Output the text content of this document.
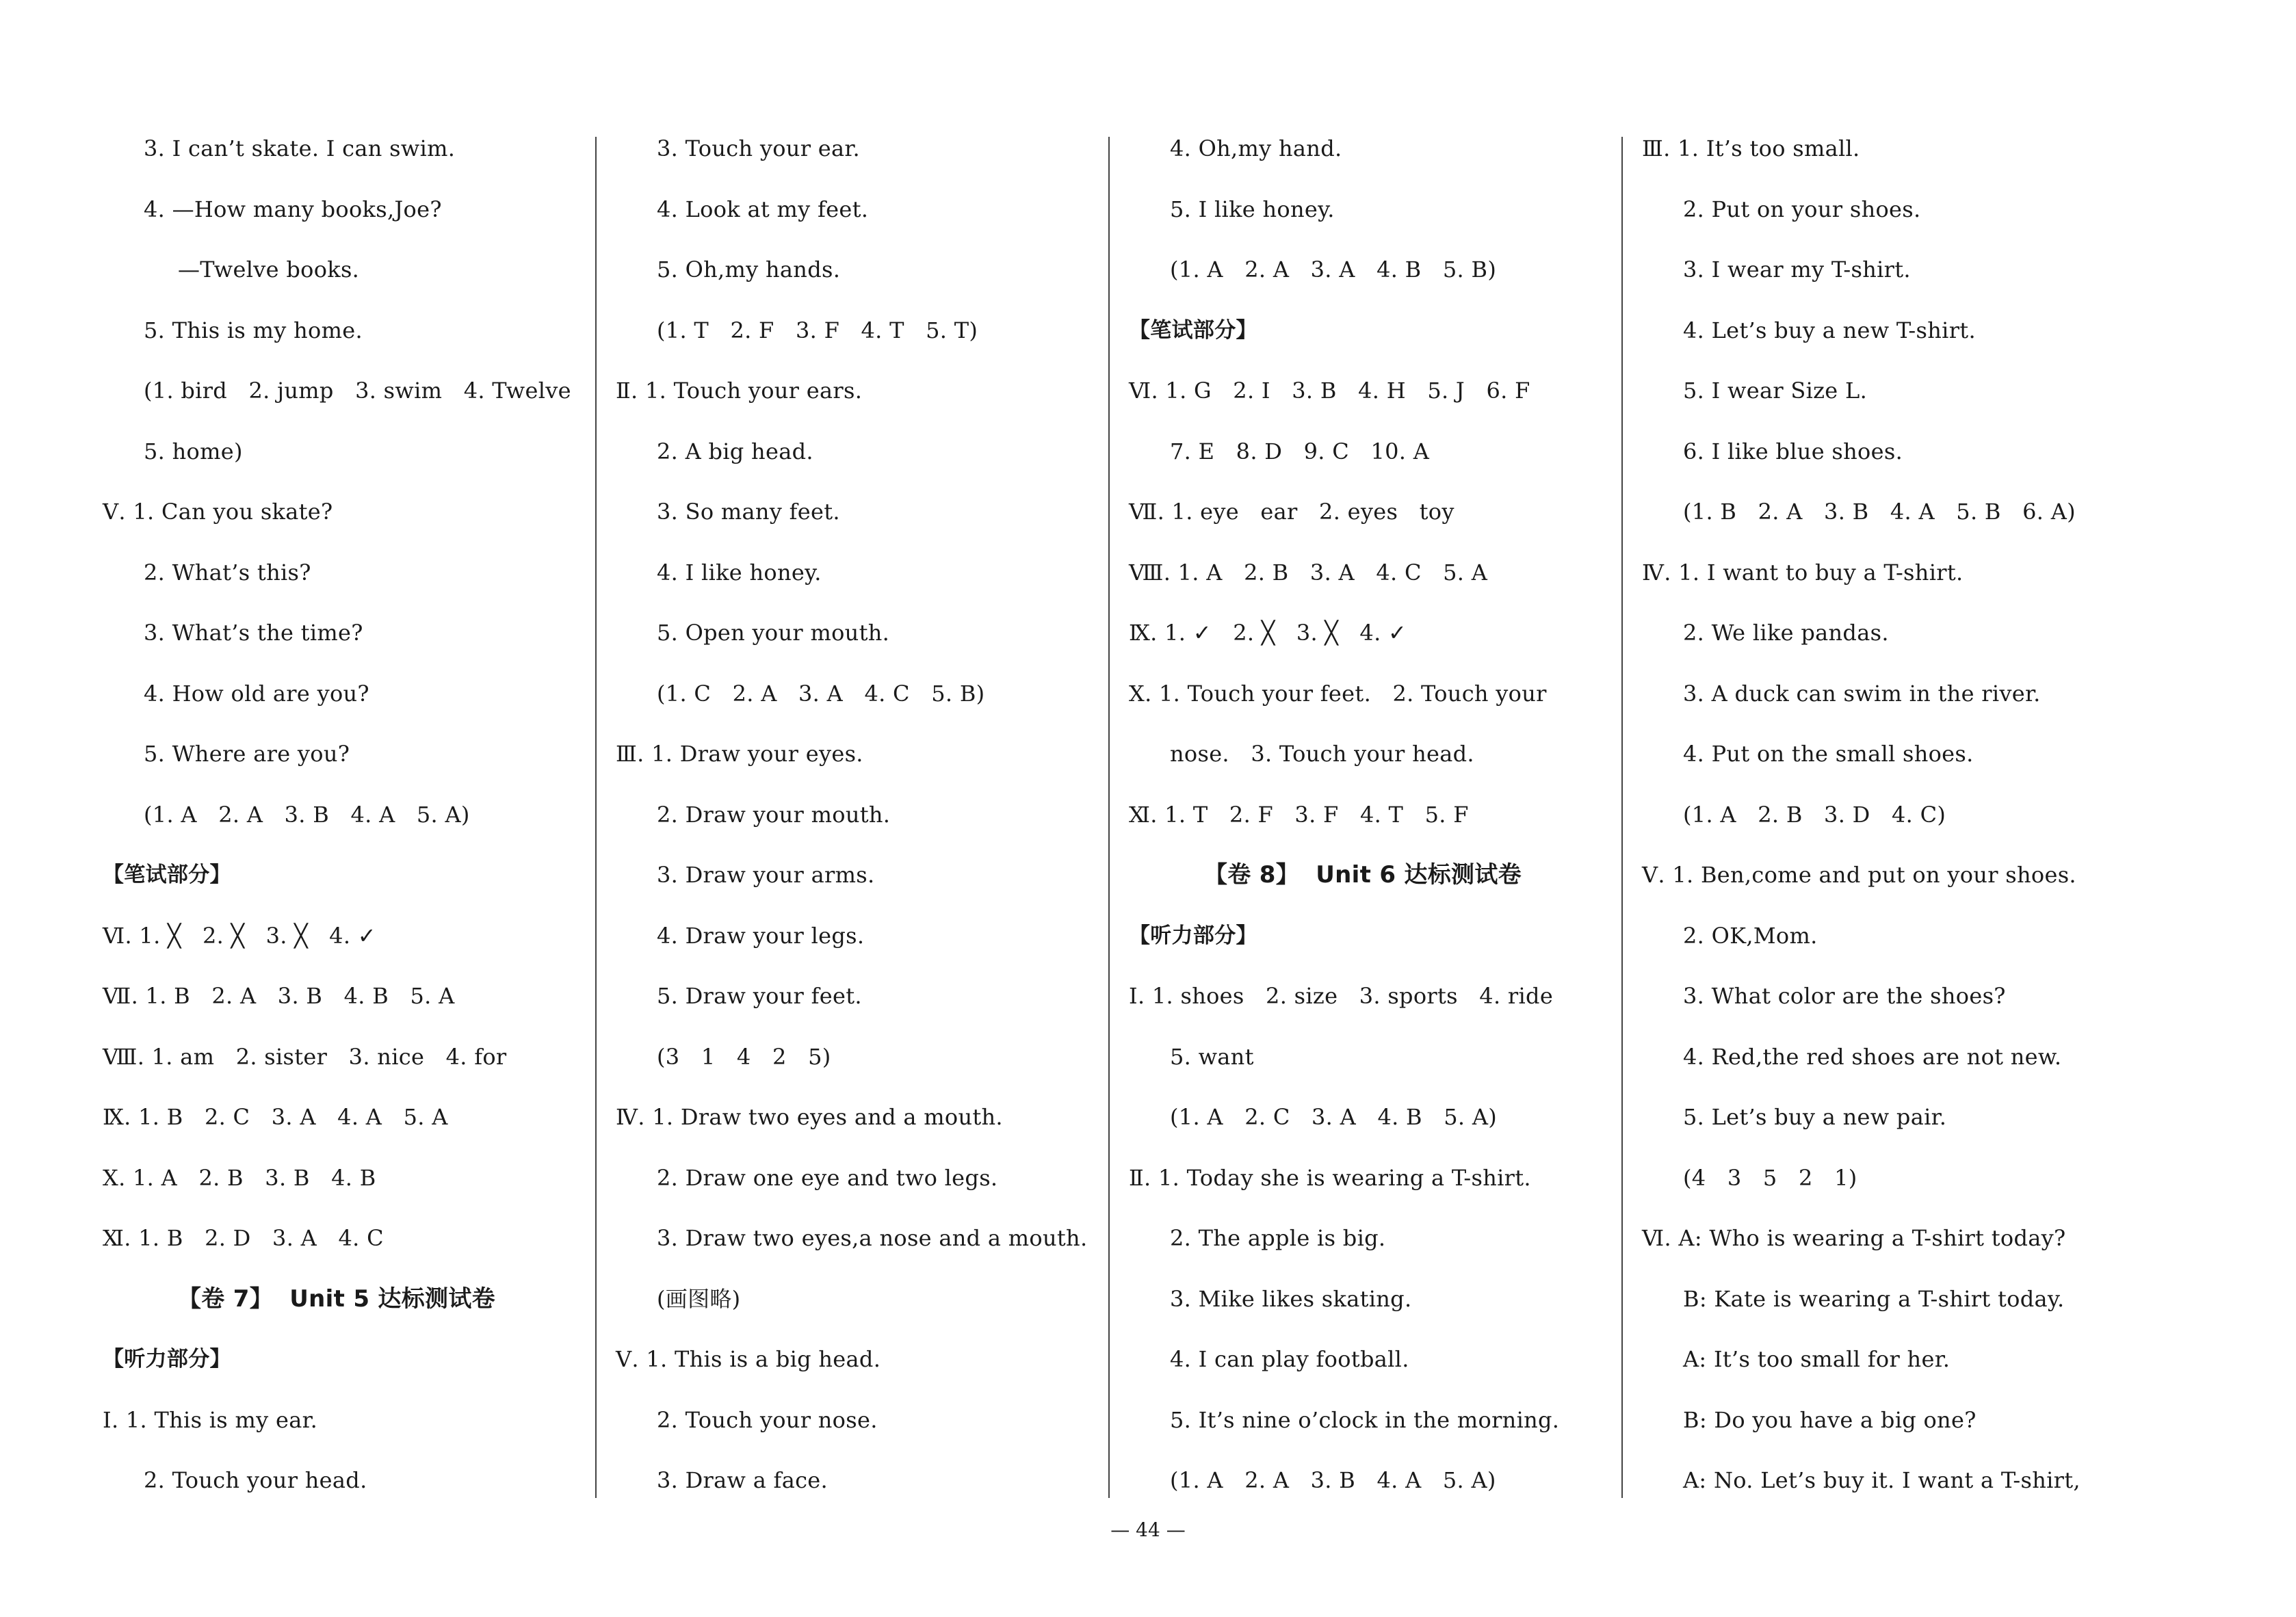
3. I can’t skate. I can swim.
4. —How many books,Joe?
—Twelve books.
5. This is my home.
(1. bird   2. jump   3. swim   4. Twelve
5. home)
Ⅴ. 1. Can you skate?
2. What’s this?
3. What’s the time?
4. How old are you?
5. Where are you?
(1. A   2. A   3. B   4. A   5. A)
【笔试部分】
Ⅵ. 1. ╳   2. ╳   3. ╳   4. ✓
Ⅶ. 1. B   2. A   3. B   4. B   5. A
Ⅷ. 1. am   2. sister   3. nice   4. for
Ⅸ. 1. B   2. C   3. A   4. A   5. A
Ⅹ. 1. A   2. B   3. B   4. B
Ⅺ. 1. B   2. D   3. A   4. C
【卷 7】  Unit 5 达标测试卷
【听力部分】
Ⅰ. 1. This is my ear.
2. Touch your head.
3. Touch your ear.
4. Look at my feet.
5. Oh,my hands.
(1. T   2. F   3. F   4. T   5. T)
Ⅱ. 1. Touch your ears.
2. A big head.
3. So many feet.
4. I like honey.
5. Open your mouth.
(1. C   2. A   3. A   4. C   5. B)
Ⅲ. 1. Draw your eyes.
2. Draw your mouth.
3. Draw your arms.
4. Draw your legs.
5. Draw your feet.
(3   1   4   2   5)
Ⅳ. 1. Draw two eyes and a mouth.
2. Draw one eye and two legs.
3. Draw two eyes,a nose and a mouth.
(画图略)
Ⅴ. 1. This is a big head.
2. Touch your nose.
3. Draw a face.
4. Oh,my hand.
5. I like honey.
(1. A   2. A   3. A   4. B   5. B)
【笔试部分】
Ⅵ. 1. G   2. I   3. B   4. H   5. J   6. F
7. E   8. D   9. C   10. A
Ⅶ. 1. eye   ear   2. eyes   toy
Ⅷ. 1. A   2. B   3. A   4. C   5. A
Ⅸ. 1. ✓   2. ╳   3. ╳   4. ✓
Ⅹ. 1. Touch your feet.   2. Touch your
nose.   3. Touch your head.
Ⅺ. 1. T   2. F   3. F   4. T   5. F
【卷 8】  Unit 6 达标测试卷
【听力部分】
Ⅰ. 1. shoes   2. size   3. sports   4. ride
5. want
(1. A   2. C   3. A   4. B   5. A)
Ⅱ. 1. Today she is wearing a T-shirt.
2. The apple is big.
3. Mike likes skating.
4. I can play football.
5. It’s nine o’clock in the morning.
(1. A   2. A   3. B   4. A   5. A)
Ⅲ. 1. It’s too small.
2. Put on your shoes.
3. I wear my T-shirt.
4. Let’s buy a new T-shirt.
5. I wear Size L.
6. I like blue shoes.
(1. B   2. A   3. B   4. A   5. B   6. A)
Ⅳ. 1. I want to buy a T-shirt.
2. We like pandas.
3. A duck can swim in the river.
4. Put on the small shoes.
(1. A   2. B   3. D   4. C)
Ⅴ. 1. Ben,come and put on your shoes.
2. OK,Mom.
3. What color are the shoes?
4. Red,the red shoes are not new.
5. Let’s buy a new pair.
(4   3   5   2   1)
Ⅵ. A: Who is wearing a T-shirt today?
B: Kate is wearing a T-shirt today.
A: It’s too small for her.
B: Do you have a big one?
A: No. Let’s buy it. I want a T-shirt,
— 44 —
